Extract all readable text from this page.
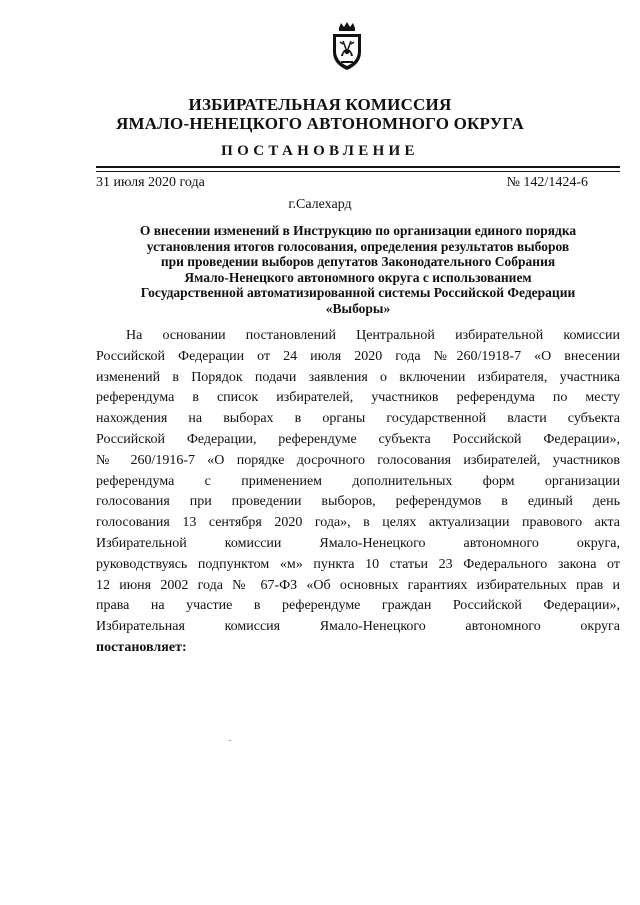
ИЗБИРАТЕЛЬНАЯ КОМИССИЯ
ЯМАЛО-НЕНЕЦКОГО АВТОНОМНОГО ОКРУГА
ПОСТАНОВЛЕНИЕ
31 июля 2020 года	№ 142/1424-6
г.Салехард
О внесении изменений в Инструкцию по организации единого порядка
установления итогов голосования, определения результатов выборов
при проведении выборов депутатов Законодательного Собрания
Ямало-Ненецкого автономного округа с использованием
Государственной автоматизированной системы Российской Федерации
«Выборы»
На основании постановлений Центральной избирательной комиссии
Российской Федерации от 24 июля 2020 года №260/1918-7 «О внесении
изменений в Порядок подачи заявления о включении избирателя, участника
референдума в список избирателей, участников референдума по месту
нахождения на выборах в органы государственной власти субъекта
Российской Федерации, референдуме субъекта Российской Федерации»,
№ 260/1916-7 «О порядке досрочного голосования избирателей, участников
референдума с применением дополнительных форм организации
голосования при проведении выборов, референдумов в единый день
голосования 13 сентября 2020 года», в целях актуализации правового акта
Избирательной комиссии Ямало-Ненецкого автономного округа,
руководствуясь подпунктом «м» пункта 10 статьи 23 Федерального закона от
12 июня 2002 года № 67-ФЗ «Об основных гарантиях избирательных прав и
права на участие в референдуме граждан Российской Федерации»,
Избирательная комиссия Ямало-Ненецкого автономного округа
постановляет:
